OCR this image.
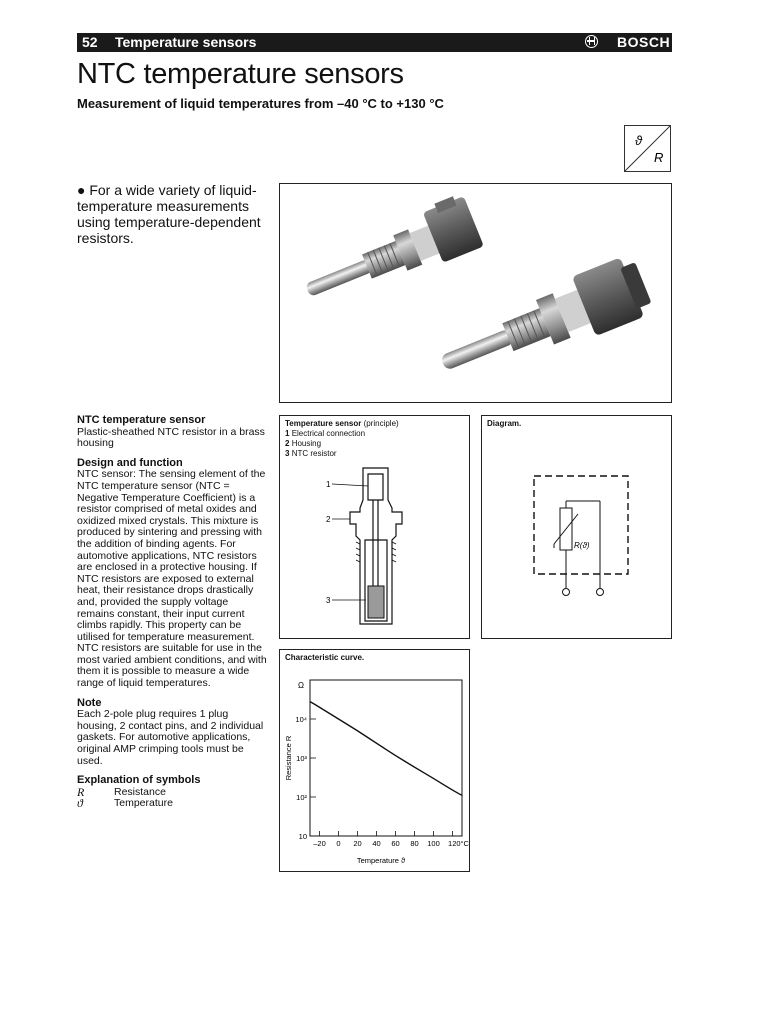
52 Temperature sensors	BOSCH
NTC temperature sensors
Measurement of liquid temperatures from –40 °C to +130 °C
ϑ
R
● For a wide variety of liquid-temperature measurements using temperature-dependent resistors.
NTC temperature sensor

Plastic-sheathed NTC resistor in a brass housing

Design and function

NTC sensor: The sensing element of the NTC temperature sensor (NTC = Negative Temperature Coefficient) is a resistor comprised of metal oxides and oxidized mixed crystals. This mixture is produced by sintering and pressing with the addition of binding agents. For automotive applications, NTC resistors are enclosed in a protective housing. If NTC resistors are exposed to external heat, their resistance drops drastically and, provided the supply voltage remains constant, their input current climbs rapidly. This property can be utilised for temperature measurement. NTC resistors are suitable for use in the most varied ambient conditions, and with them it is possible to measure a wide range of liquid temperatures.

Note

Each 2-pole plug requires 1 plug housing, 2 contact pins, and 2 individual gaskets. For automotive applications, original AMP crimping tools must be used.

Explanation of symbols
R	Resistance
ϑ	Temperature
Temperature sensor (principle)
1 Electrical connection
2 Housing
3 NTC resistor
1
2
3
Diagram.
R(ϑ)
Characteristic curve.
Ω
Resistance R
Temperature ϑ
–20 0 20 40 60 80 100 120°C
10
10²
10³
10⁴
